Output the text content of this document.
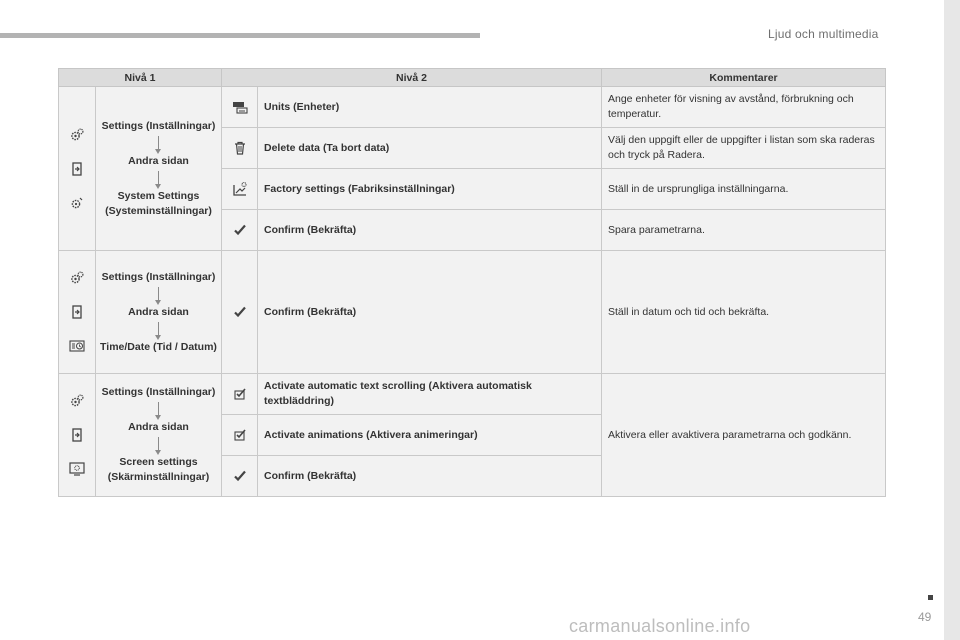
Ljud och multimedia
Nivå 1		Nivå 2		Kommentarer

Settings (Inställningar)
Andra sidan
System Settings (Systeminställningar)		Units (Enheter)	Ange enheter för visning av avstånd, förbrukning och temperatur.

	Delete data (Ta bort data)	Välj den uppgift eller de uppgifter i listan som ska raderas och tryck på Radera.

	Factory settings (Fabriksinställningar)	Ställ in de ursprungliga inställningarna.

	Confirm (Bekräfta)	Spara parametrarna.

Settings (Inställningar)
Andra sidan
Time/Date (Tid / Datum)		Confirm (Bekräfta)	Ställ in datum och tid och bekräfta.

Settings (Inställningar)
Andra sidan
Screen settings (Skärminställningar)		Activate automatic text scrolling (Aktivera automatisk textbläddring)	Aktivera eller avaktivera parametrarna och godkänn.

	Activate animations (Aktivera animeringar)	

	Confirm (Bekräfta)	
49
carmanualsonline.info
